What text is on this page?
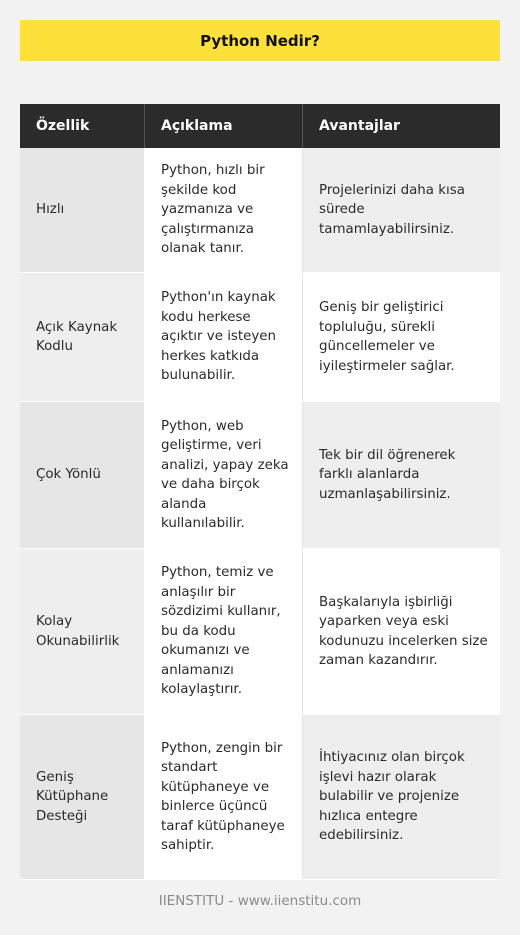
Python Nedir?
Özellik	Açıklama	Avantajlar
Hızlı
Python, hızlı bir şekilde kod yazmanıza ve çalıştırmanıza olanak tanır.
Projelerinizi daha kısa sürede tamamlayabilirsiniz.
Açık Kaynak Kodlu
Python'ın kaynak kodu herkese açıktır ve isteyen herkes katkıda bulunabilir.
Geniş bir geliştirici topluluğu, sürekli güncellemeler ve iyileştirmeler sağlar.
Çok Yönlü
Python, web geliştirme, veri analizi, yapay zeka ve daha birçok alanda kullanılabilir.
Tek bir dil öğrenerek farklı alanlarda uzmanlaşabilirsiniz.
Kolay Okunabilirlik
Python, temiz ve anlaşılır bir sözdizimi kullanır, bu da kodu okumanızı ve anlamanızı kolaylaştırır.
Başkalarıyla işbirliği yaparken veya eski kodunuzu incelerken size zaman kazandırır.
Geniş Kütüphane Desteği
Python, zengin bir standart kütüphaneye ve binlerce üçüncü taraf kütüphaneye sahiptir.
İhtiyacınız olan birçok işlevi hazır olarak bulabilir ve projenize hızlıca entegre edebilirsiniz.
IIENSTITU - www.iienstitu.com
